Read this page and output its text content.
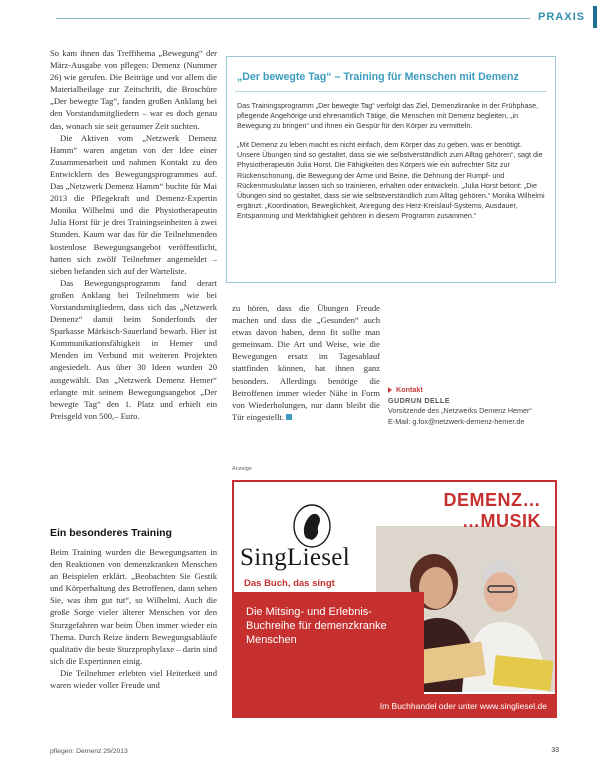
PRAXIS

So kam ihnen das Treffthema „Bewegung“ der März-Ausgabe von pflegen: Demenz (Nummer 26) wie gerufen. Die Beiträge und vor allem die Materialbeilage zur Zeitschrift, die Broschüre „Der bewegte Tag“, fanden großen Anklang bei den Vorstandsmitgliedern – war es doch genau das, wonach sie seit geraumer Zeit suchten.

Die Aktiven vom „Netzwerk Demenz Hamm“ waren angetan von der Idee einer Zusammenarbeit und nahmen Kontakt zu den Entwicklern des Bewegungsprogrammes auf. Das „Netzwerk Demenz Hamm“ buchte für Mai 2013 die Pflegekraft und Demenz-Expertin Monika Wilhelmi und die Physiotherapeutin Julia Horst für je drei Trainingseinheiten à zwei Stunden. Kaum war das für die Teilnehmenden kostenlose Bewegungsangebot veröffentlicht, hatten sich zwölf Teilnehmer angemeldet – sieben befanden sich auf der Warteliste.

Das Bewegungsprogramm fand derart großen Anklang bei Teilnehmern wie bei Vorstandsmitgliedern, dass sich das „Netzwerk Demenz“ damit beim Sonderfonds der Sparkasse Märkisch-Sauerland bewarb. Hier ist Kommunikationsfähigkeit in Hemer und Menden im Verbund mit weiteren Projekten angesiedelt. Aus über 30 Ideen wurden 20 ausgewählt. Das „Netzwerk Demenz Hemer“ erlangte mit seinem Bewegungsangebot „Der bewegte Tag“ den 1. Platz und erhielt ein Preisgeld von 500,– Euro.

Ein besonderes Training

Beim Training wurden die Bewegungsarten in den Reaktionen von demenzkranken Menschen an Beispielen erklärt. „Beobachten Sie Gestik und Körperhaltung des Betroffenen, dann sehen Sie, was ihm gut tut“, so Wilhelmi. Auch die große Sorge vieler älterer Menschen vor den Sturzgefahren war beim Üben immer wieder ein Thema. Durch Reize ändern Bewegungsabläufe qualitativ die beste Sturzprophylaxe – darin sind sich die Expertinnen einig.

Die Teilnehmer erlebten viel Heiterkeit und waren wieder voller Freude und

„Der bewegte Tag“ – Training für Menschen mit Demenz

Das Trainingsprogramm „Der bewegte Tag“ verfolgt das Ziel, Demenzkranke in der Frühphase, pflegende Angehörige und ehrenamtlich Tätige, die Menschen mit Demenz begleiten, „in Bewegung zu bringen“ und ihnen ein Gespür für den Körper zu vermitteln.

„Mit Demenz zu leben macht es nicht einfach, dem Körper das zu geben, was er benötigt. Unsere Übungen sind so gestaltet, dass sie wie selbstverständlich zum Alltag gehören“, sagt die Physiotherapeutin Julia Horst. Die Fähigkeiten des Körpers wie ein aufrechter Sitz zur Rückenschonung, die Bewegung der Arme und Beine, die Dehnung der Rumpf- und Rückenmuskulatur lassen sich so trainieren, erhalten oder entwickeln. „Julia Horst betont: „Die Übungen sind so gestaltet, dass sie wie selbstverständlich zum Alltag gehören.“ Monika Wilhelmi ergänzt: „Koordination, Beweglichkeit, Anregung des Herz-Kreislauf-Systems, Ausdauer, Entspannung und Merkfähigkeit gehören in diesem Programm zusammen.“

zu hören, dass die Übungen Freude machen und dass die „Gesunden“ auch etwas davon haben, denn fit sollte man gemeinsam. Die Art und Weise, wie die Bewegungen ersatz im Tagesablauf stattfinden können, hat ihnen ganz besonders. Allerdings benötige die Betroffenen immer wieder Nähe in Form von Wiederholungen, nur dann bleibt die Tür eingestellt.

Kontakt
GUDRUN DELLE
Vorsitzende des „Netzwerks Demenz Hemer“
E-Mail: g.fox@netzwerk-demenz-hemer.de
Anzeige
DEMENZ…
…MUSIK
SingLiesel
Das Buch, das singt
Die Mitsing- und Erlebnis-Buchreihe für demenzkranke Menschen
Im Buchhandel oder unter www.singliesel.de
pflegen: Demenz 29/2013	33
